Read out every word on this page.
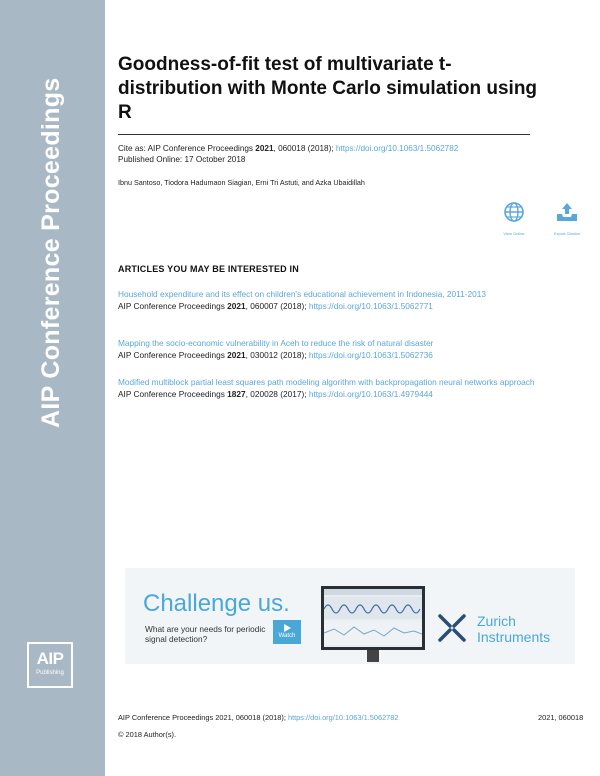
AIP Conference Proceedings
AIP
Publishing
Goodness-of-fit test of multivariate t-distribution with Monte Carlo simulation using R
Cite as: AIP Conference Proceedings 2021, 060018 (2018); https://doi.org/10.1063/1.5062782
Published Online: 17 October 2018
Ibnu Santoso, Tiodora Hadumaon Siagian, Erni Tri Astuti, and Azka Ubaidillah
View Online	Export Citation
ARTICLES YOU MAY BE INTERESTED IN
Household expenditure and its effect on children's educational achievement in Indonesia, 2011-2013
AIP Conference Proceedings 2021, 060007 (2018); https://doi.org/10.1063/1.5062771
Mapping the socio-economic vulnerability in Aceh to reduce the risk of natural disaster
AIP Conference Proceedings 2021, 030012 (2018); https://doi.org/10.1063/1.5062736
Modified multiblock partial least squares path modeling algorithm with backpropagation neural networks approach
AIP Conference Proceedings 1827, 020028 (2017); https://doi.org/10.1063/1.4979444
Challenge us.
What are your needs for periodic signal detection?	Watch
Zurich Instruments
AIP Conference Proceedings 2021, 060018 (2018); https://doi.org/10.1063/1.5062782	2021, 060018
© 2018 Author(s).
